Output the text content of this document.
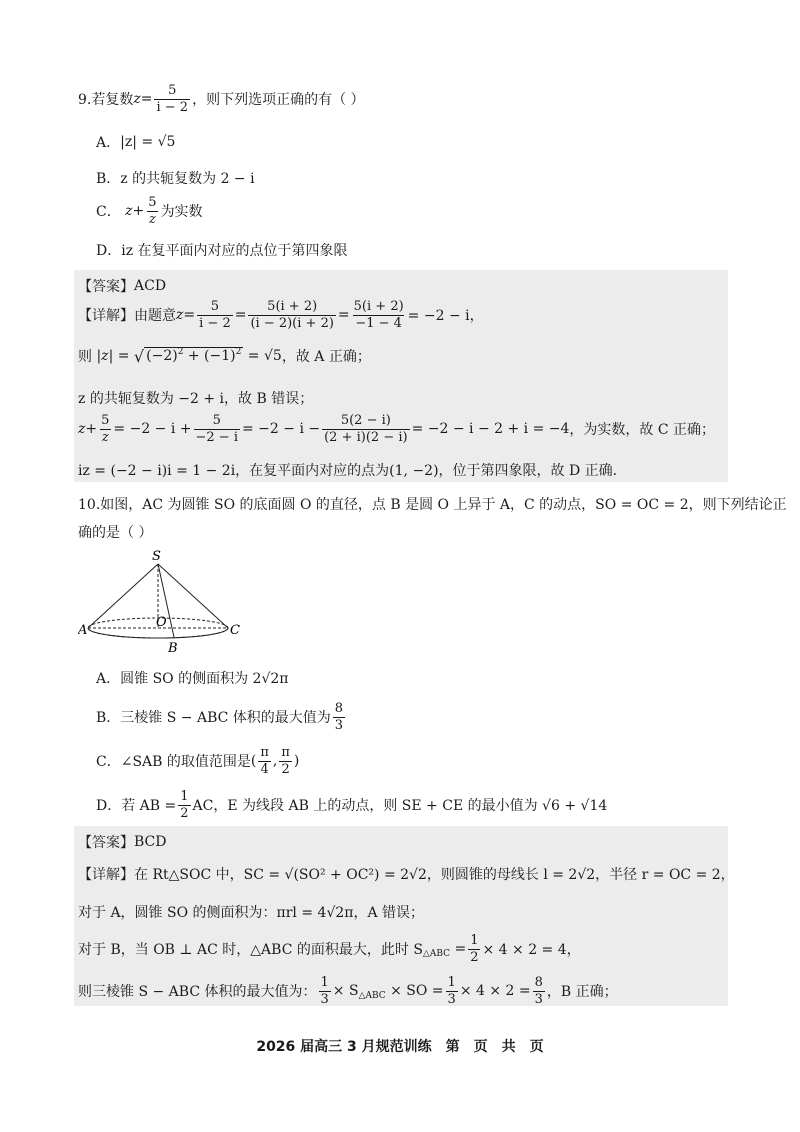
9.若复数 $z = \frac{5}{i - 2}$ ，则下列选项正确的有（ ）
A． |z| = √5
B． z 的共轭复数为 2 − i
C． $z + \frac{5}{z}$ 为实数
D． iz 在复平面内对应的点位于第四象限
【答案】 ACD
【详解】 由题意 $z = \frac{5}{i - 2} = \frac{5(i + 2)}{(i - 2)(i + 2)} = \frac{5(i + 2)}{-1 - 4} = -2 - i$，
则 | z | = √ $(-2)^2 + (-1)^2 = √5$ ，故 A 正确；
z 的共轭复数为 −2 + i，故 B 错误；
$z + \frac{5}{z} = -2 - i + \frac{5}{-2 - i} = -2 - i - \frac{5(2 - i)}{(2 + i)(2 - i)} = -2 - i - 2 + i = -4$ ，为实数，故 C 正确；
iz = (−2 − i)i = 1 − 2i，在复平面内对应的点为(1, −2)，位于第四象限，故 D 正确.
10.如图，AC 为圆锥 SO 的底面圆 O 的直径，点 B 是圆 O 上异于 A，C 的动点，SO = OC = 2，则下列结论正
确的是（ ）
S
A
O
B
C
A． 圆锥 SO 的侧面积为 2√2π
B． 三棱锥 S − ABC 体积的最大值为 $\frac{8}{3}$
C． ∠SAB 的取值范围是 ( $\frac{\pi}{4}$ , $\frac{\pi}{2}$ )
D． 若 AB = $\frac{1}{2}$ AC，E 为线段 AB 上的动点，则 SE + CE 的最小值为 √6 + √14
【答案】 BCD
【详解】 在 Rt△SOC 中，SC = √(SO² + OC²) = 2√2，则圆锥的母线长 l = 2√2，半径 r = OC = 2，
对于 A，圆锥 SO 的侧面积为：πrl = 4√2π，A 错误；
对于 B，当 OB ⊥ AC 时，△ABC 的面积最大，此时 S △ABC = $\frac{1}{2} \times 4 \times 2 = 4$，
则三棱锥 S − ABC 体积的最大值为： $\frac{1}{3} \times S$ △ABC × SO = $\frac{1}{3} \times 4 \times 2 = \frac{8}{3}$ ，B 正确；
2026 届高三 3 月规范训练　第　页　共　页
